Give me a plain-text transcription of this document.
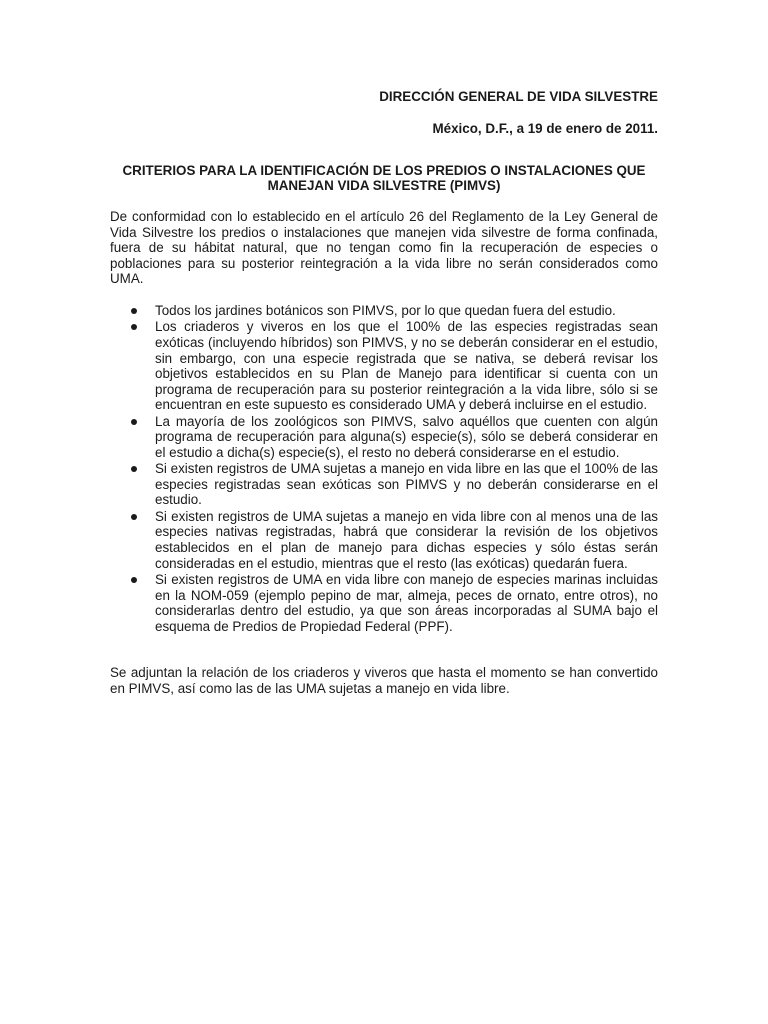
DIRECCIÓN GENERAL DE VIDA SILVESTRE

México, D.F., a 19 de enero de 2011.

CRITERIOS PARA LA IDENTIFICACIÓN DE LOS PREDIOS O INSTALACIONES QUE MANEJAN VIDA SILVESTRE (PIMVS)

De conformidad con lo establecido en el artículo 26 del Reglamento de la Ley General de Vida Silvestre los predios o instalaciones que manejen vida silvestre de forma confinada, fuera de su hábitat natural, que no tengan como fin la recuperación de especies o poblaciones para su posterior reintegración a la vida libre no serán considerados como UMA.

Todos los jardines botánicos son PIMVS, por lo que quedan fuera del estudio.
Los criaderos y viveros en los que el 100% de las especies registradas sean exóticas (incluyendo híbridos) son PIMVS, y no se deberán considerar en el estudio, sin embargo, con una especie registrada que se nativa, se deberá revisar los objetivos establecidos en su Plan de Manejo para identificar si cuenta con un programa de recuperación para su posterior reintegración a la vida libre, sólo si se encuentran en este supuesto es considerado UMA y deberá incluirse en el estudio.
La mayoría de los zoológicos son PIMVS, salvo aquéllos que cuenten con algún programa de recuperación para alguna(s) especie(s), sólo se deberá considerar en el estudio a dicha(s) especie(s), el resto no deberá considerarse en el estudio.
Si existen registros de UMA sujetas a manejo en vida libre en las que el 100% de las especies registradas sean exóticas son PIMVS y no deberán considerarse en el estudio.
Si existen registros de UMA sujetas a manejo en vida libre con al menos una de las especies nativas registradas, habrá que considerar la revisión de los objetivos establecidos en el plan de manejo para dichas especies y sólo éstas serán consideradas en el estudio, mientras que el resto (las exóticas) quedarán fuera.
Si existen registros de UMA en vida libre con manejo de especies marinas incluidas en la NOM-059 (ejemplo pepino de mar, almeja, peces de ornato, entre otros), no considerarlas dentro del estudio, ya que son áreas incorporadas al SUMA bajo el esquema de Predios de Propiedad Federal (PPF).

Se adjuntan la relación de los criaderos y viveros que hasta el momento se han convertido en PIMVS, así como las de las UMA sujetas a manejo en vida libre.
